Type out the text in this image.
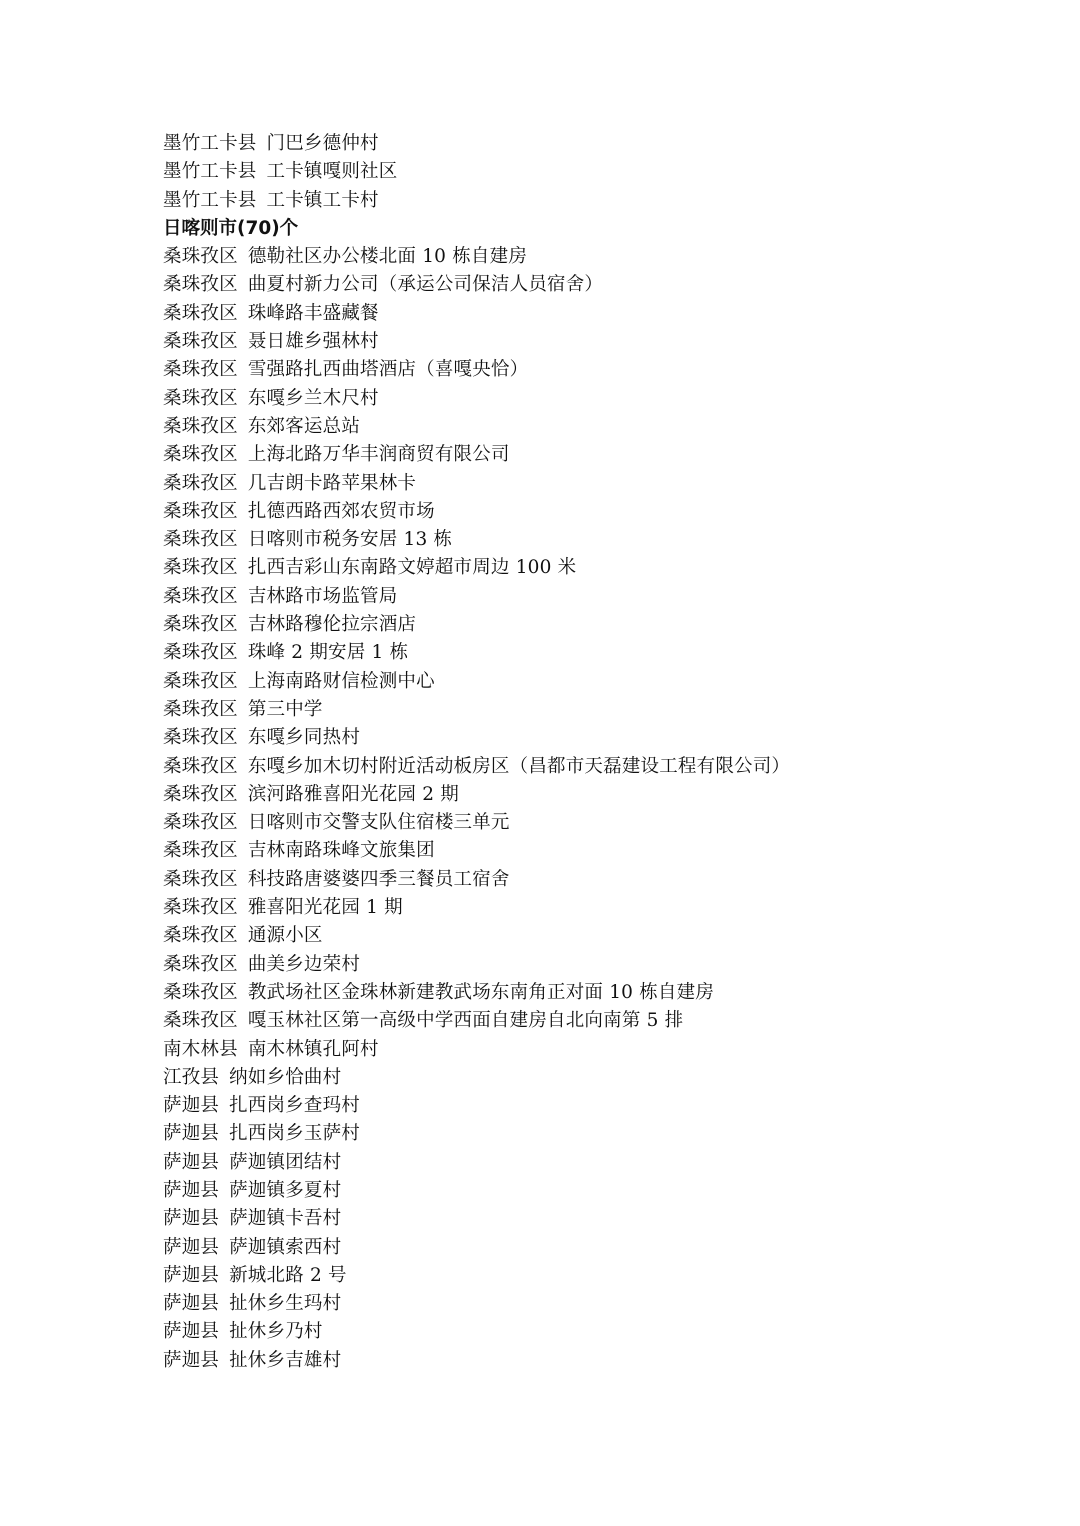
墨竹工卡县 门巴乡德仲村
墨竹工卡县 工卡镇嘎则社区
墨竹工卡县 工卡镇工卡村
日喀则市(70)个
桑珠孜区 德勒社区办公楼北面 10 栋自建房
桑珠孜区 曲夏村新力公司（承运公司保洁人员宿舍）
桑珠孜区 珠峰路丰盛藏餐
桑珠孜区 聂日雄乡强林村
桑珠孜区 雪强路扎西曲塔酒店（喜嘎央恰）
桑珠孜区 东嘎乡兰木尺村
桑珠孜区 东郊客运总站
桑珠孜区 上海北路万华丰润商贸有限公司
桑珠孜区 几吉朗卡路苹果林卡
桑珠孜区 扎德西路西郊农贸市场
桑珠孜区 日喀则市税务安居 13 栋
桑珠孜区 扎西吉彩山东南路文婷超市周边 100 米
桑珠孜区 吉林路市场监管局
桑珠孜区 吉林路穆伦拉宗酒店
桑珠孜区 珠峰 2 期安居 1 栋
桑珠孜区 上海南路财信检测中心
桑珠孜区 第三中学
桑珠孜区 东嘎乡同热村
桑珠孜区 东嘎乡加木切村附近活动板房区（昌都市天磊建设工程有限公司）
桑珠孜区 滨河路雅喜阳光花园 2 期
桑珠孜区 日喀则市交警支队住宿楼三单元
桑珠孜区 吉林南路珠峰文旅集团
桑珠孜区 科技路唐婆婆四季三餐员工宿舍
桑珠孜区 雅喜阳光花园 1 期
桑珠孜区 通源小区
桑珠孜区 曲美乡边荣村
桑珠孜区 教武场社区金珠林新建教武场东南角正对面 10 栋自建房
桑珠孜区 嘎玉林社区第一高级中学西面自建房自北向南第 5 排
南木林县 南木林镇孔阿村
江孜县 纳如乡恰曲村
萨迦县 扎西岗乡查玛村
萨迦县 扎西岗乡玉萨村
萨迦县 萨迦镇团结村
萨迦县 萨迦镇多夏村
萨迦县 萨迦镇卡吾村
萨迦县 萨迦镇索西村
萨迦县 新城北路 2 号
萨迦县 扯休乡生玛村
萨迦县 扯休乡乃村
萨迦县 扯休乡吉雄村
